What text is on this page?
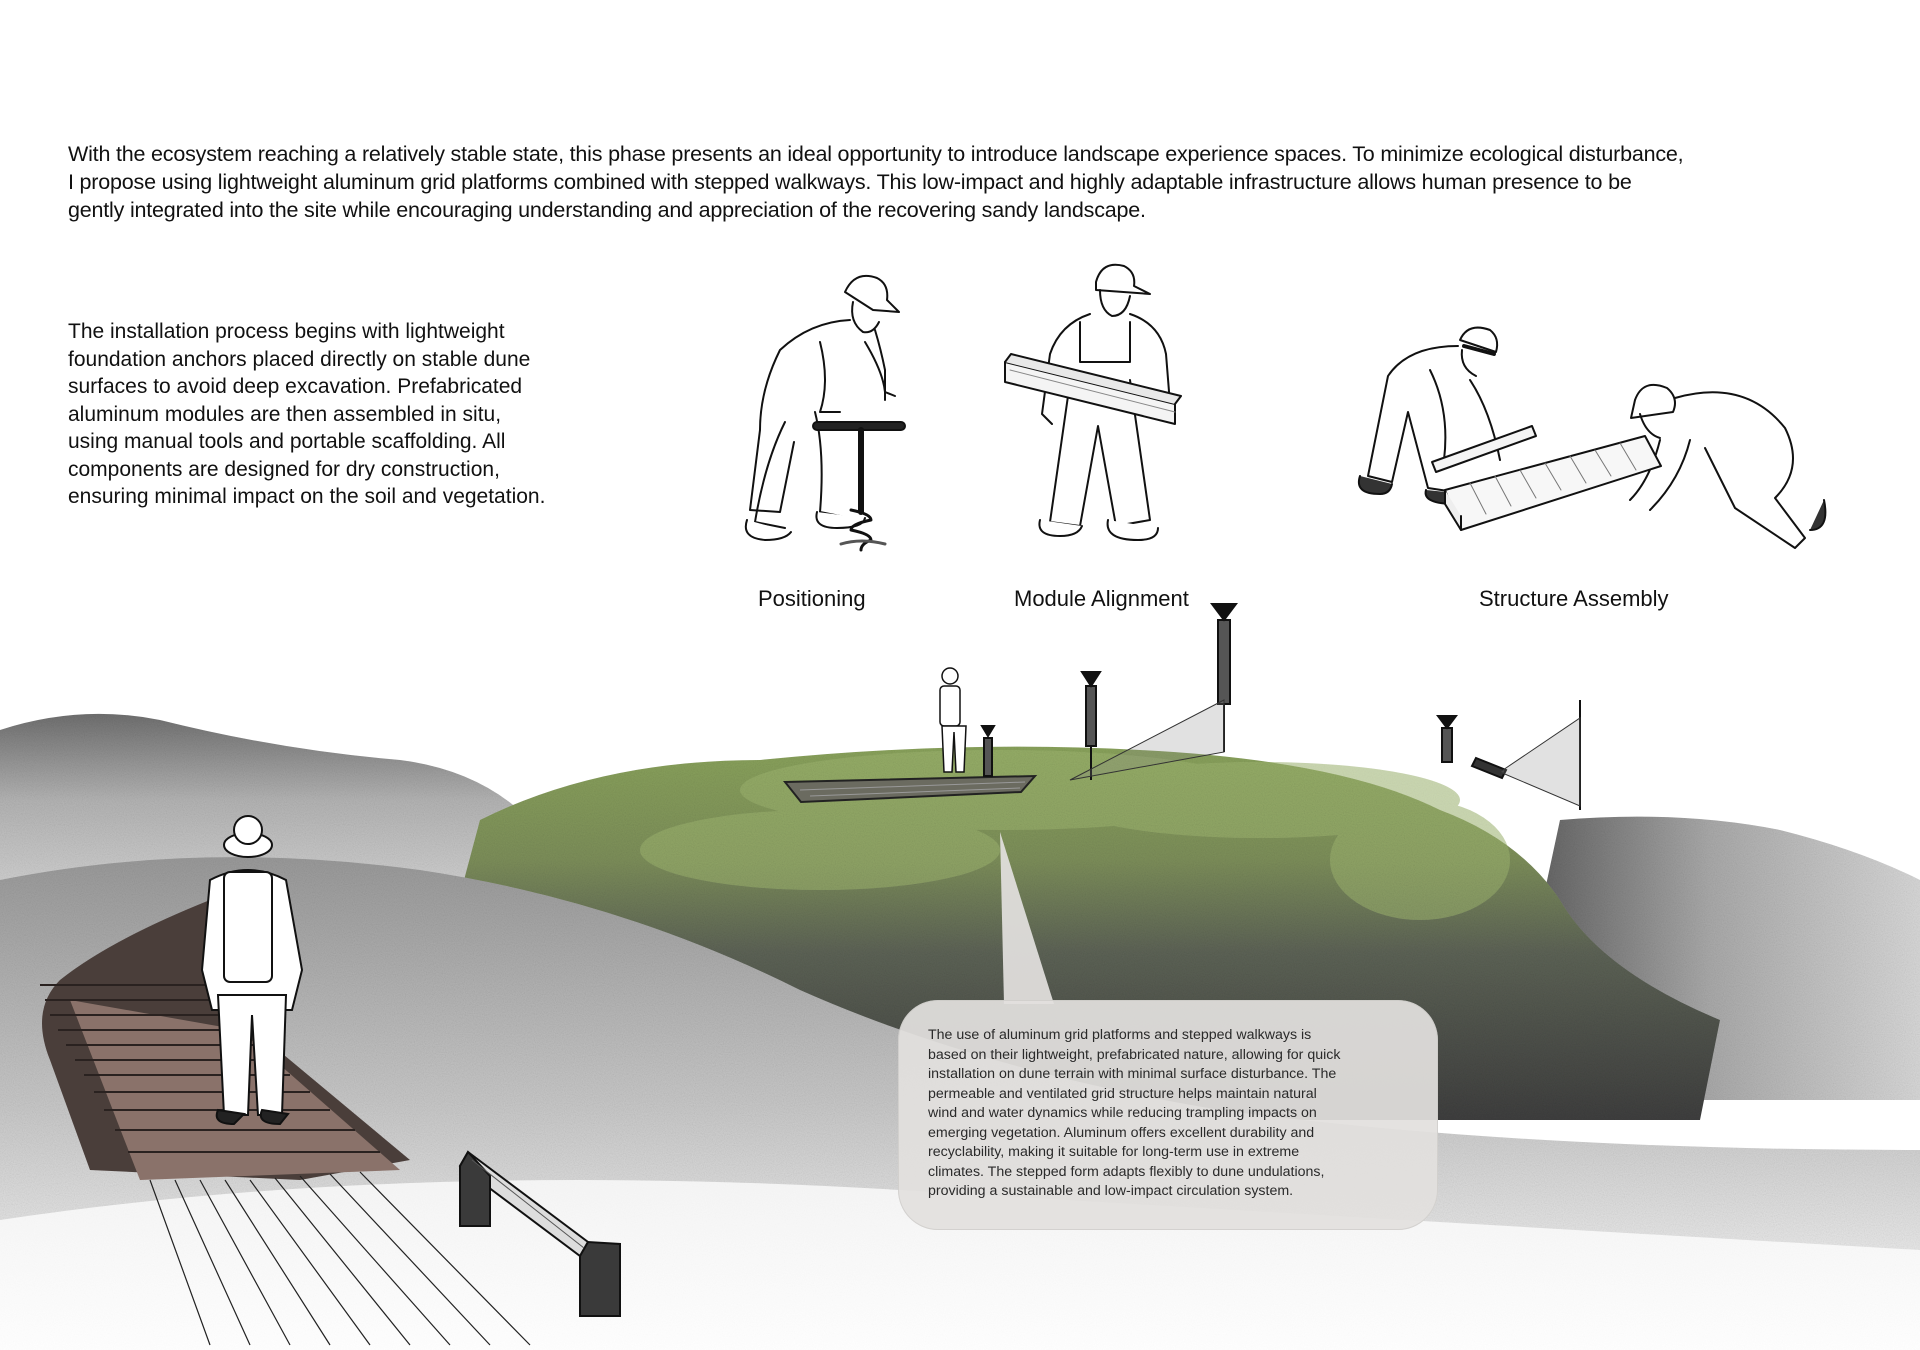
With the ecosystem reaching a relatively stable state, this phase presents an ideal opportunity to introduce landscape experience spaces. To minimize ecological disturbance,

I propose using lightweight aluminum grid platforms combined with stepped walkways. This low-impact and highly adaptable infrastructure allows human presence to be

gently integrated into the site while encouraging understanding and appreciation of the recovering sandy landscape.

The installation process begins with lightweight

foundation anchors placed directly on stable dune

surfaces to avoid deep excavation. Prefabricated

aluminum modules are then assembled in situ,

using manual tools and portable scaffolding. All

components are designed for dry construction,

ensuring minimal impact on the soil and vegetation.

Positioning	Module Alignment	Structure Assembly

The use of aluminum grid platforms and stepped walkways is

based on their lightweight, prefabricated nature, allowing for quick

installation on dune terrain with minimal surface disturbance. The

permeable and ventilated grid structure helps maintain natural

wind and water dynamics while reducing trampling impacts on

emerging vegetation. Aluminum offers excellent durability and

recyclability, making it suitable for long-term use in extreme

climates. The stepped form adapts flexibly to dune undulations,

providing a sustainable and low-impact circulation system.
